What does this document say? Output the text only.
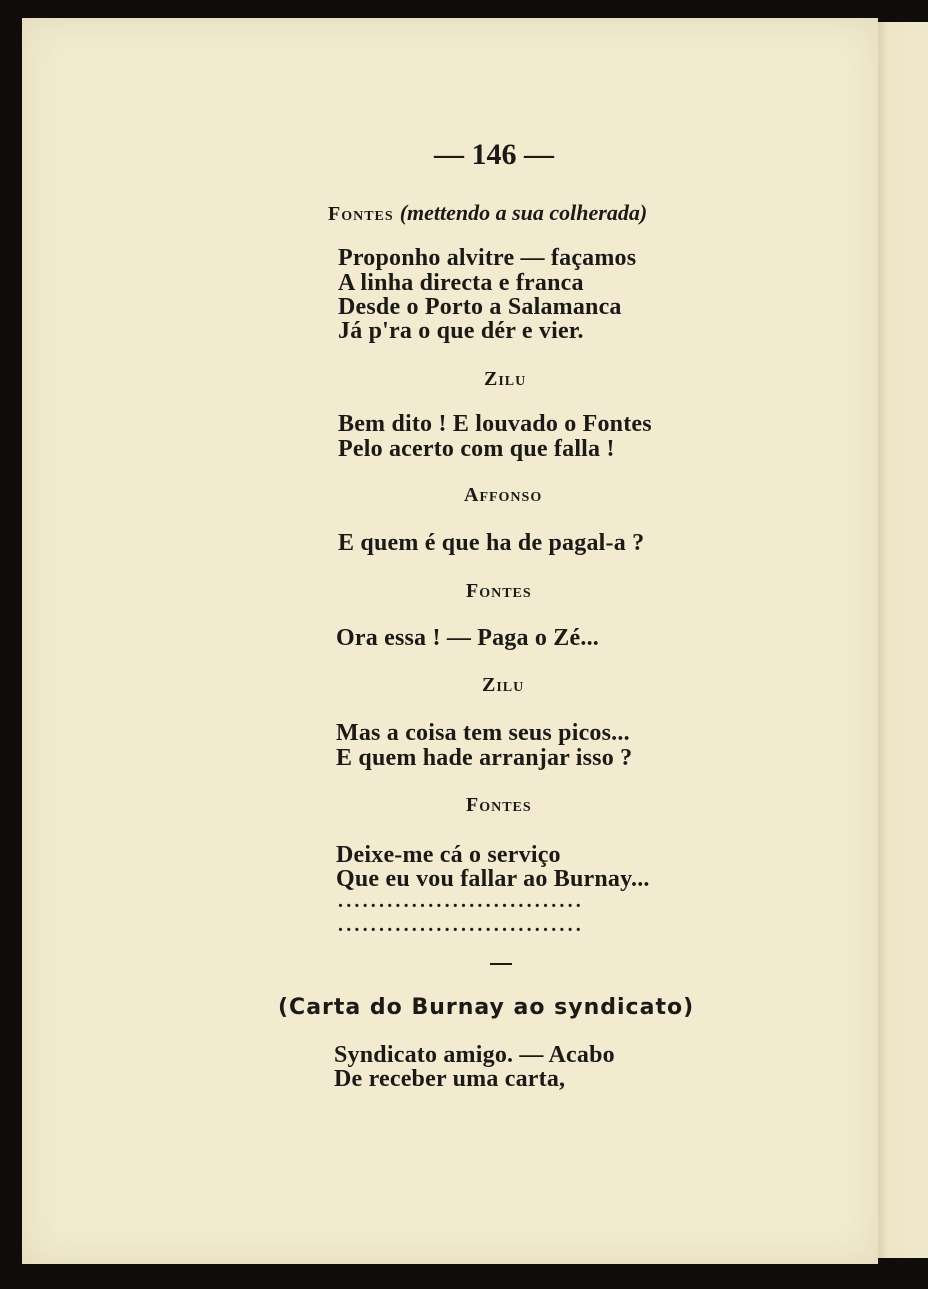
— 146 —
Fontes (mettendo a sua colherada)
Proponho alvitre — façamos
A linha directa e franca
Desde o Porto a Salamanca
Já p'ra o que dér e vier.
Zilu
Bem dito ! E louvado o Fontes
Pelo acerto com que falla !
Affonso
E quem é que ha de pagal-a ?
Fontes
Ora essa ! — Paga o Zé...
Zilu
Mas a coisa tem seus picos...
E quem hade arranjar isso ?
Fontes
Deixe-me cá o serviço
Que eu vou fallar ao Burnay...
..............................
..............................
(Carta do Burnay ao syndicato)
Syndicato amigo. — Acabo
De receber uma carta,
